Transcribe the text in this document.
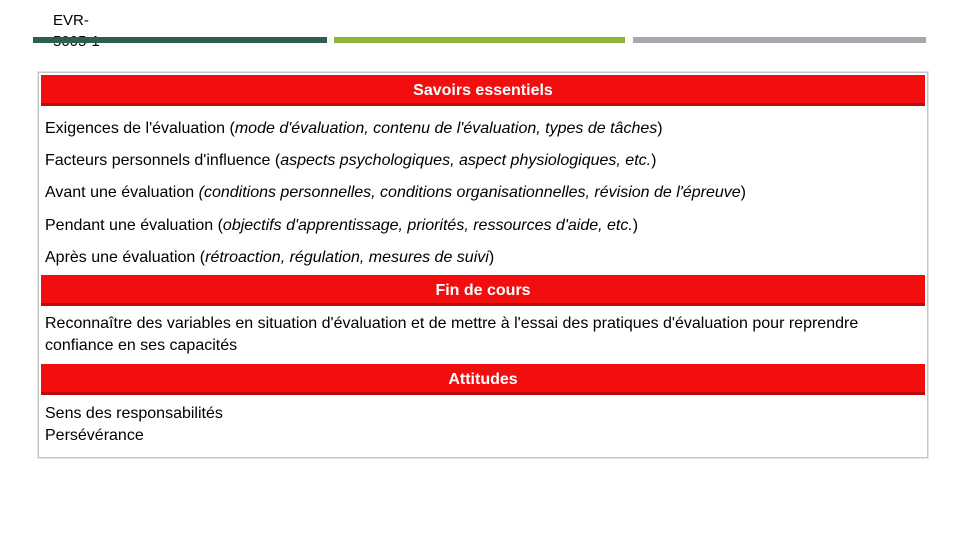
EVR-
Savoirs essentiels
Exigences de l'évaluation (mode d'évaluation, contenu de l'évaluation, types de tâches)
Facteurs personnels d'influence (aspects psychologiques, aspect physiologiques, etc.)
Avant une évaluation (conditions personnelles, conditions organisationnelles, révision de l'épreuve)
Pendant une évaluation (objectifs d'apprentissage, priorités, ressources d'aide, etc.)
Après une évaluation (rétroaction, régulation, mesures de suivi)
Fin de cours
Reconnaître des variables en situation d'évaluation et de mettre à l'essai des pratiques d'évaluation pour reprendre confiance en ses capacités
Attitudes
Sens des responsabilités
Persévérance
